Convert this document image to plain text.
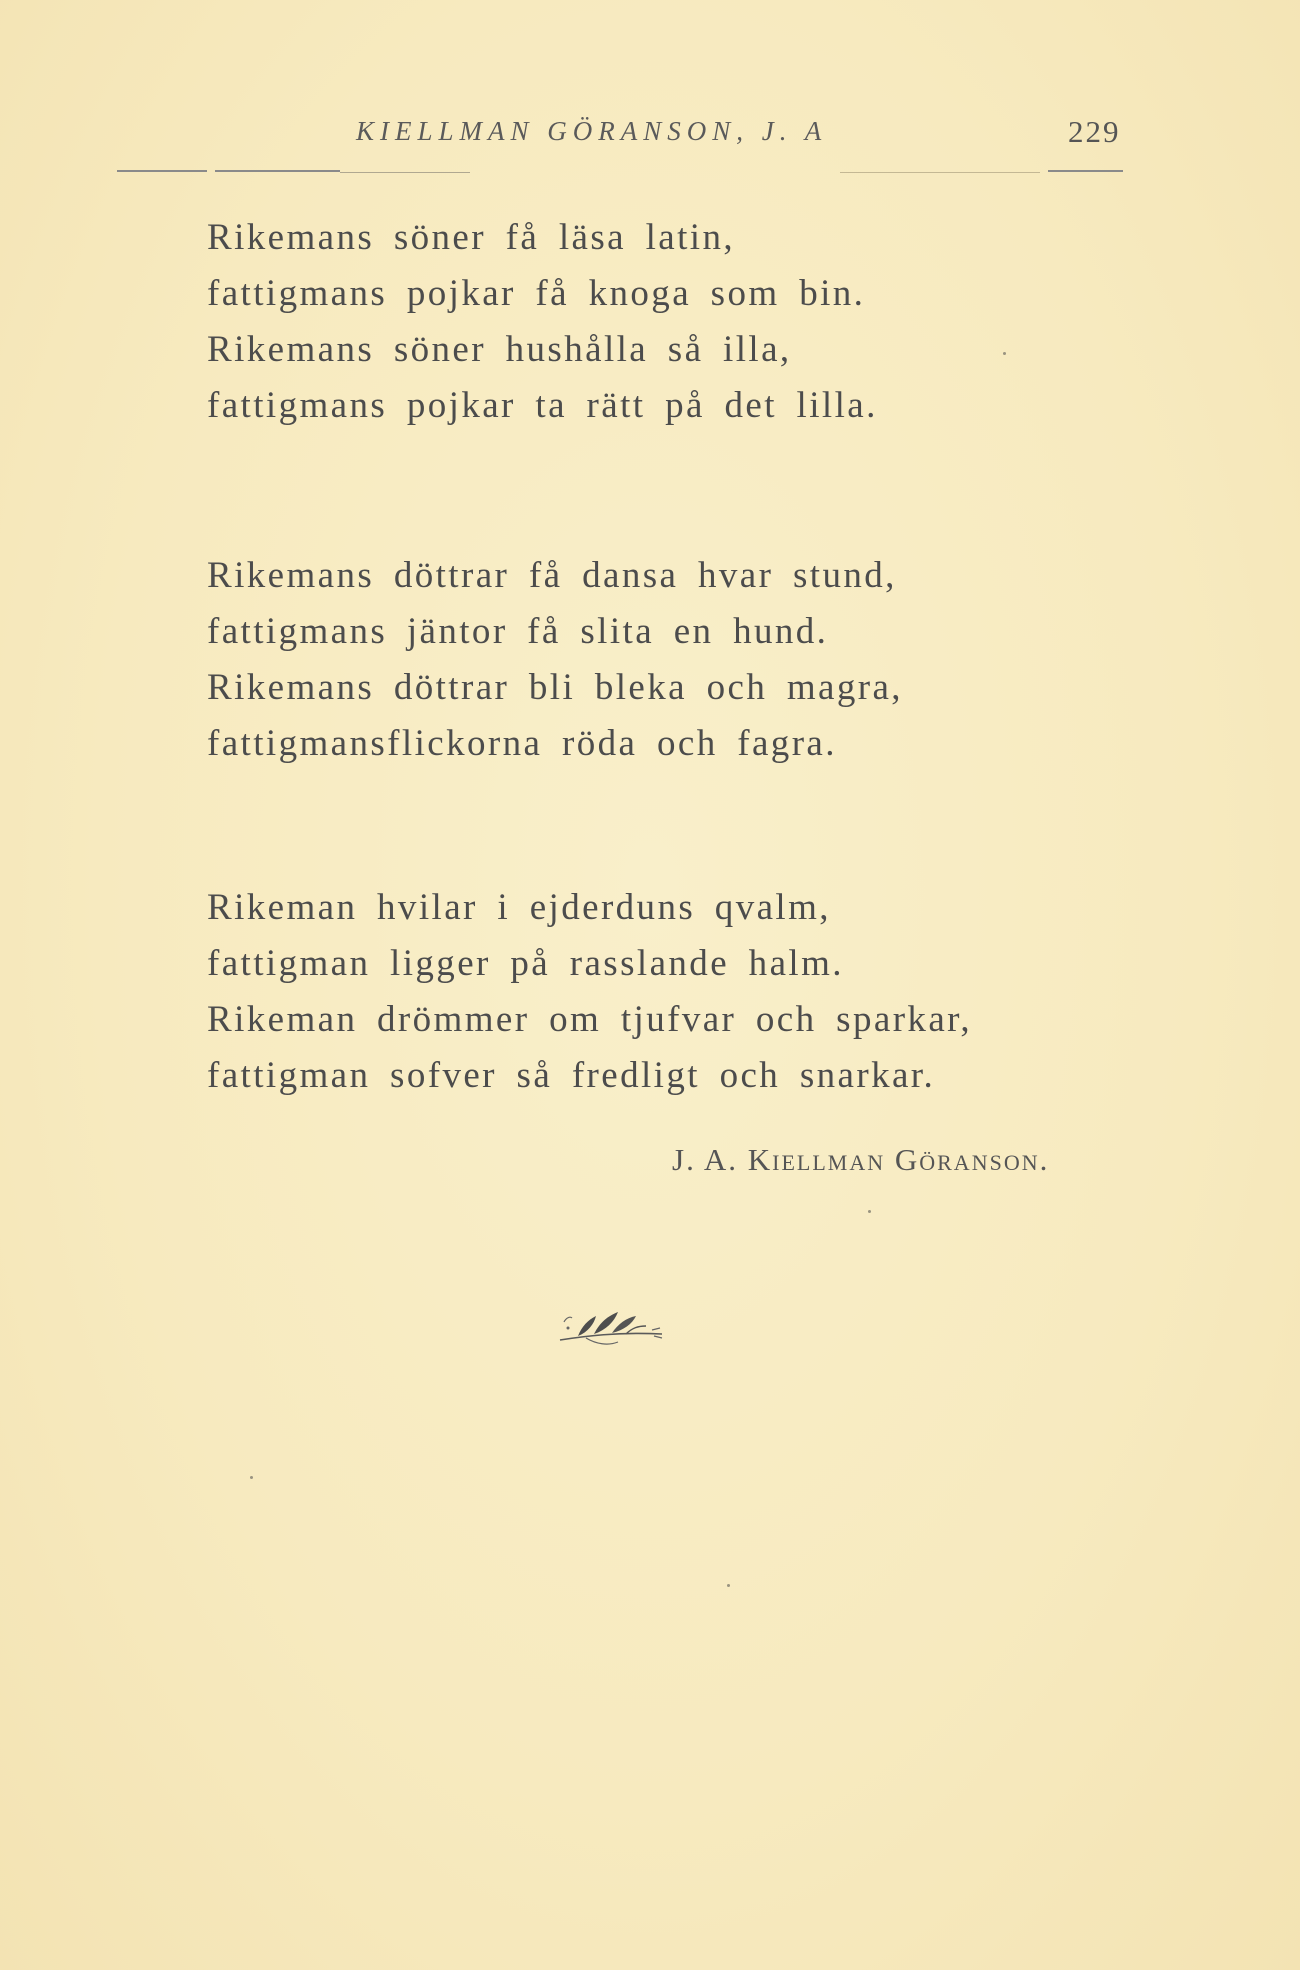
KIELLMAN GÖRANSON, J. A	229
Rikemans söner få läsa latin,
fattigmans pojkar få knoga som bin.
Rikemans söner hushålla så illa,
fattigmans pojkar ta rätt på det lilla.
Rikemans döttrar få dansa hvar stund,
fattigmans jäntor få slita en hund.
Rikemans döttrar bli bleka och magra,
fattigmansflickorna röda och fagra.
Rikeman hvilar i ejderduns qvalm,
fattigman ligger på rasslande halm.
Rikeman drömmer om tjufvar och sparkar,
fattigman sofver så fredligt och snarkar.
J. A. Kiellman Göranson.
